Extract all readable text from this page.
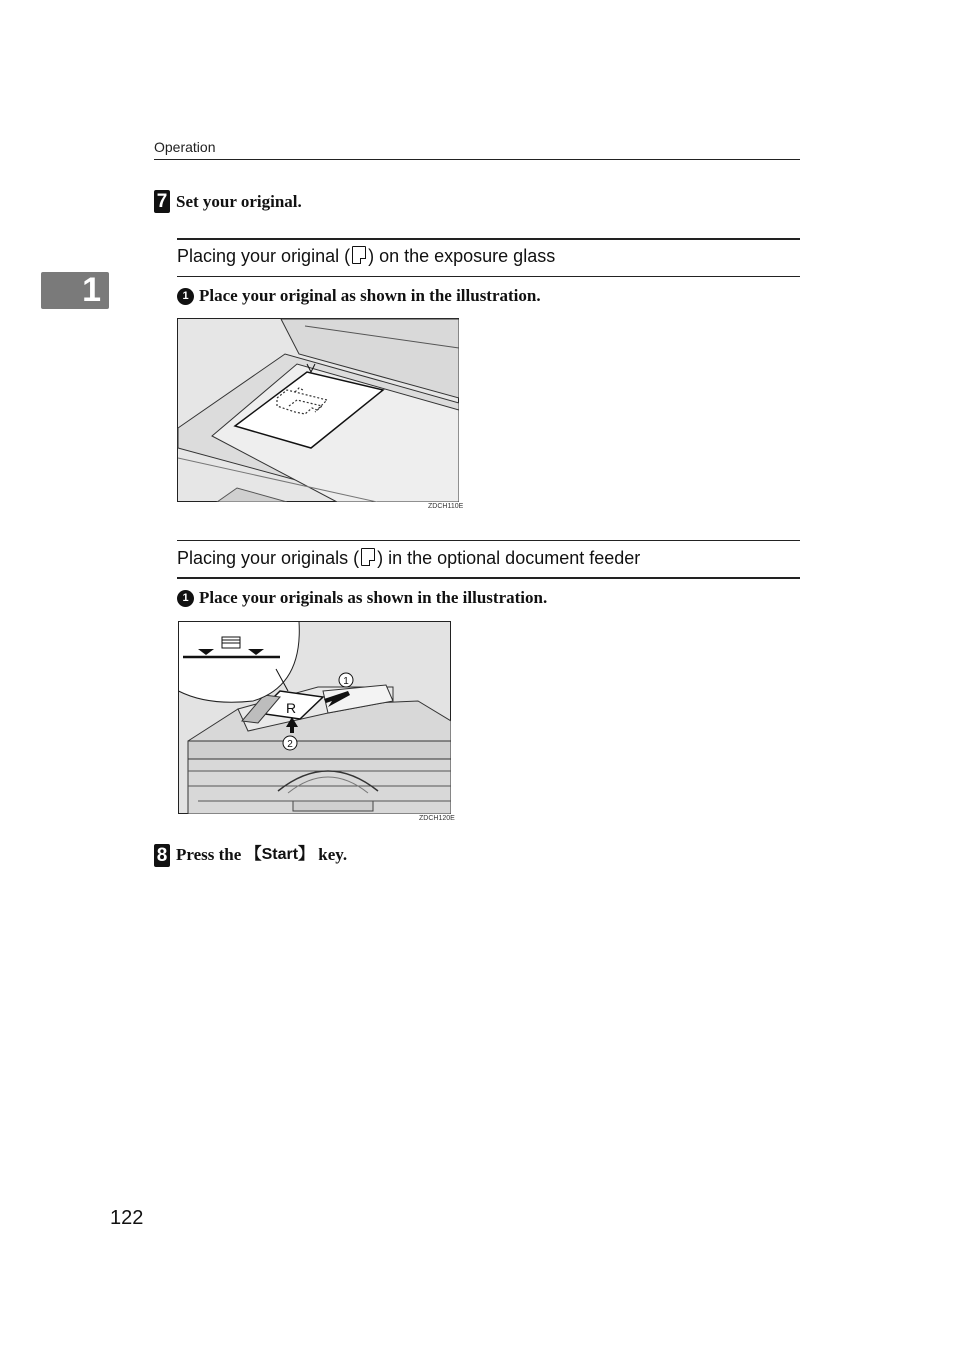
Operation
1
7 Set your original.
Placing your original ( ) on the exposure glass
1 Place your original as shown in the illustration.
ZDCH110E
Placing your originals ( ) in the optional document feeder
1 Place your originals as shown in the illustration.
R
1
2
ZDCH120E
8 Press the 【Start】 key.
122
